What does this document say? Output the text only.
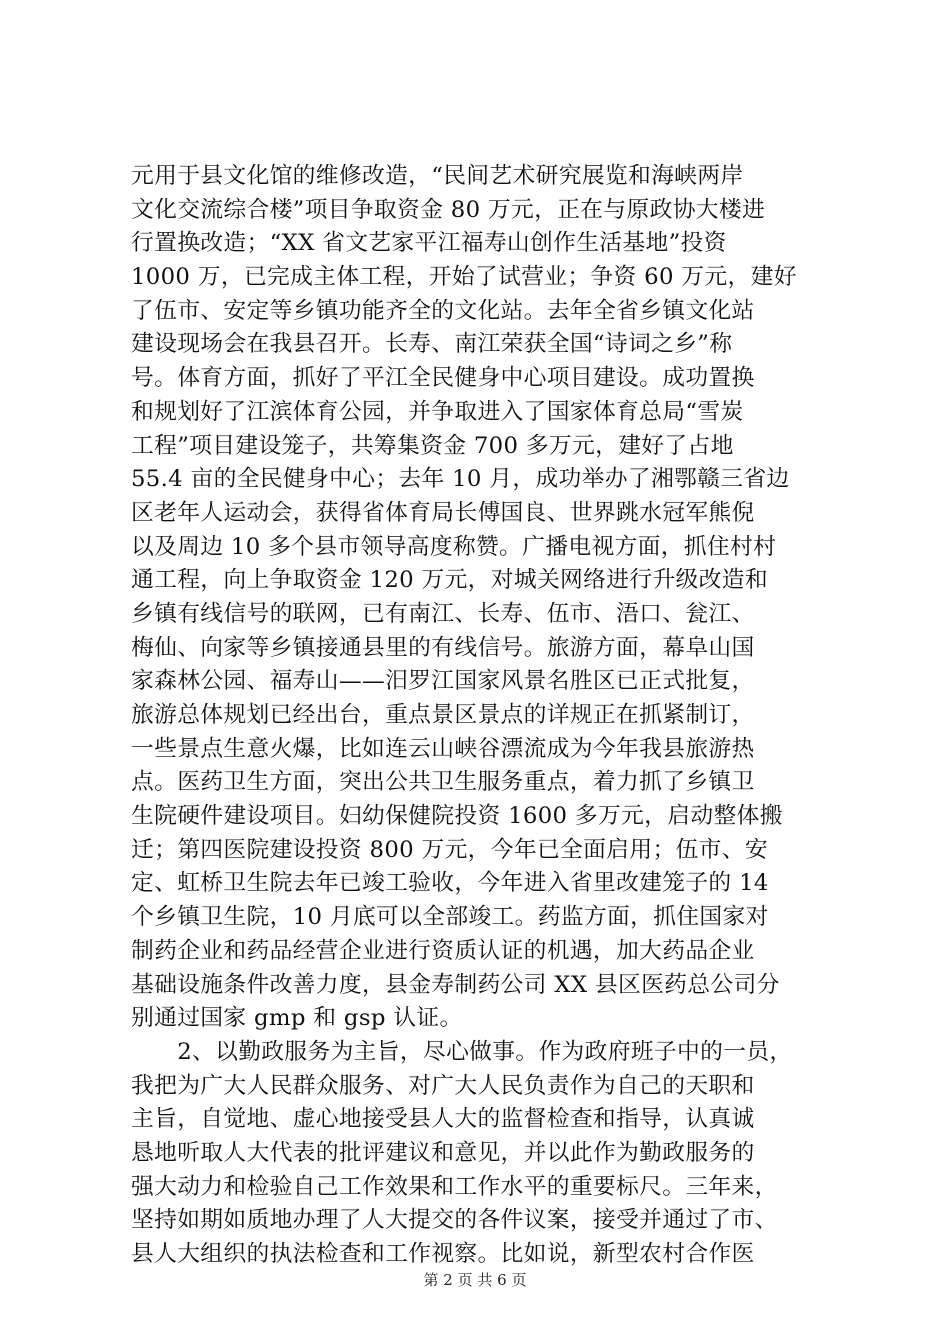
元用于县文化馆的维修改造，“民间艺术研究展览和海峡两岸
文化交流综合楼”项目争取资金 80 万元，正在与原政协大楼进
行置换改造；“XX 省文艺家平江福寿山创作生活基地”投资
1000 万，已完成主体工程，开始了试营业；争资 60 万元，建好
了伍市、安定等乡镇功能齐全的文化站。去年全省乡镇文化站
建设现场会在我县召开。长寿、南江荣获全国“诗词之乡”称
号。体育方面，抓好了平江全民健身中心项目建设。成功置换
和规划好了江滨体育公园，并争取进入了国家体育总局“雪炭
工程”项目建设笼子，共筹集资金 700 多万元，建好了占地
55.4 亩的全民健身中心；去年 10 月，成功举办了湘鄂赣三省边
区老年人运动会，获得省体育局长傅国良、世界跳水冠军熊倪
以及周边 10 多个县市领导高度称赞。广播电视方面，抓住村村
通工程，向上争取资金 120 万元，对城关网络进行升级改造和
乡镇有线信号的联网，已有南江、长寿、伍市、浯口、瓮江、
梅仙、向家等乡镇接通县里的有线信号。旅游方面，幕阜山国
家森林公园、福寿山——汨罗江国家风景名胜区已正式批复，
旅游总体规划已经出台，重点景区景点的详规正在抓紧制订，
一些景点生意火爆，比如连云山峡谷漂流成为今年我县旅游热
点。医药卫生方面，突出公共卫生服务重点，着力抓了乡镇卫
生院硬件建设项目。妇幼保健院投资 1600 多万元，启动整体搬
迁；第四医院建设投资 800 万元，今年已全面启用；伍市、安
定、虹桥卫生院去年已竣工验收，今年进入省里改建笼子的 14
个乡镇卫生院，10 月底可以全部竣工。药监方面，抓住国家对
制药企业和药品经营企业进行资质认证的机遇，加大药品企业
基础设施条件改善力度，县金寿制药公司 XX 县区医药总公司分
别通过国家 gmp 和 gsp 认证。
　　2、以勤政服务为主旨，尽心做事。作为政府班子中的一员，
我把为广大人民群众服务、对广大人民负责作为自己的天职和
主旨，自觉地、虚心地接受县人大的监督检查和指导，认真诚
恳地听取人大代表的批评建议和意见，并以此作为勤政服务的
强大动力和检验自己工作效果和工作水平的重要标尺。三年来，
坚持如期如质地办理了人大提交的各件议案，接受并通过了市、
县人大组织的执法检查和工作视察。比如说，新型农村合作医
第 2 页 共 6 页
